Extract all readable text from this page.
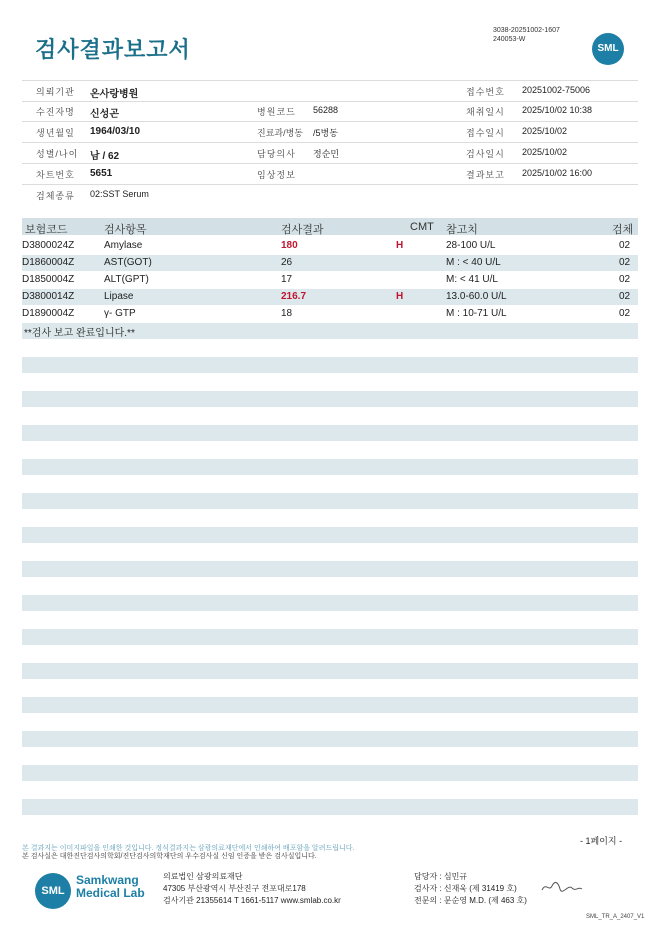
검사결과보고서
3038-20251002-1607
240053-W
SML
의뢰기관 온사랑병원	접수번호 20251002-75006
수진자명 신성곤	병원코드 56288	채취일시 2025/10/02 10:38
생년월일 1964/03/10	진료과/병동 /5병동	접수일시 2025/10/02
성별/나이 남 / 62	담당의사 정순민	검사일시 2025/10/02
차트번호 5651	임상정보	결과보고 2025/10/02 16:00
검체종류 02:SST Serum
보험코드	검사항목	검사결과	CMT 참고치	검체
D3800024Z	Amylase	180	H	28-100 U/L	02
D1860004Z	AST(GOT)	26	M : < 40 U/L	02
D1850004Z	ALT(GPT)	17	M: < 41 U/L	02
D3800014Z	Lipase	216.7	H	13.0-60.0 U/L	02
D1890004Z	γ- GTP	18	M : 10-71 U/L	02
**검사 보고 완료입니다.**
- 1페이지 -
본 결과지는 이미지파일을 인쇄한 것입니다. 정식결과지는 삼광의료재단에서 인쇄하여 배포함을 알려드립니다.
본 검사실은 대한진단검사의학회/진단검사의학재단의 우수검사실 신임 인증을 받은 검사실입니다.
SML
Samkwang
Medical Lab
의료법인 삼광의료재단
47305 부산광역시 부산진구 전포대로178
검사기관 21355614 T 1661-5117 www.smlab.co.kr
담당자 : 심민규
검사자 : 신재욱 (제 31419 호)
전문의 : 문순영 M.D. (제 463 호)
SML_TR_A_2407_V1
